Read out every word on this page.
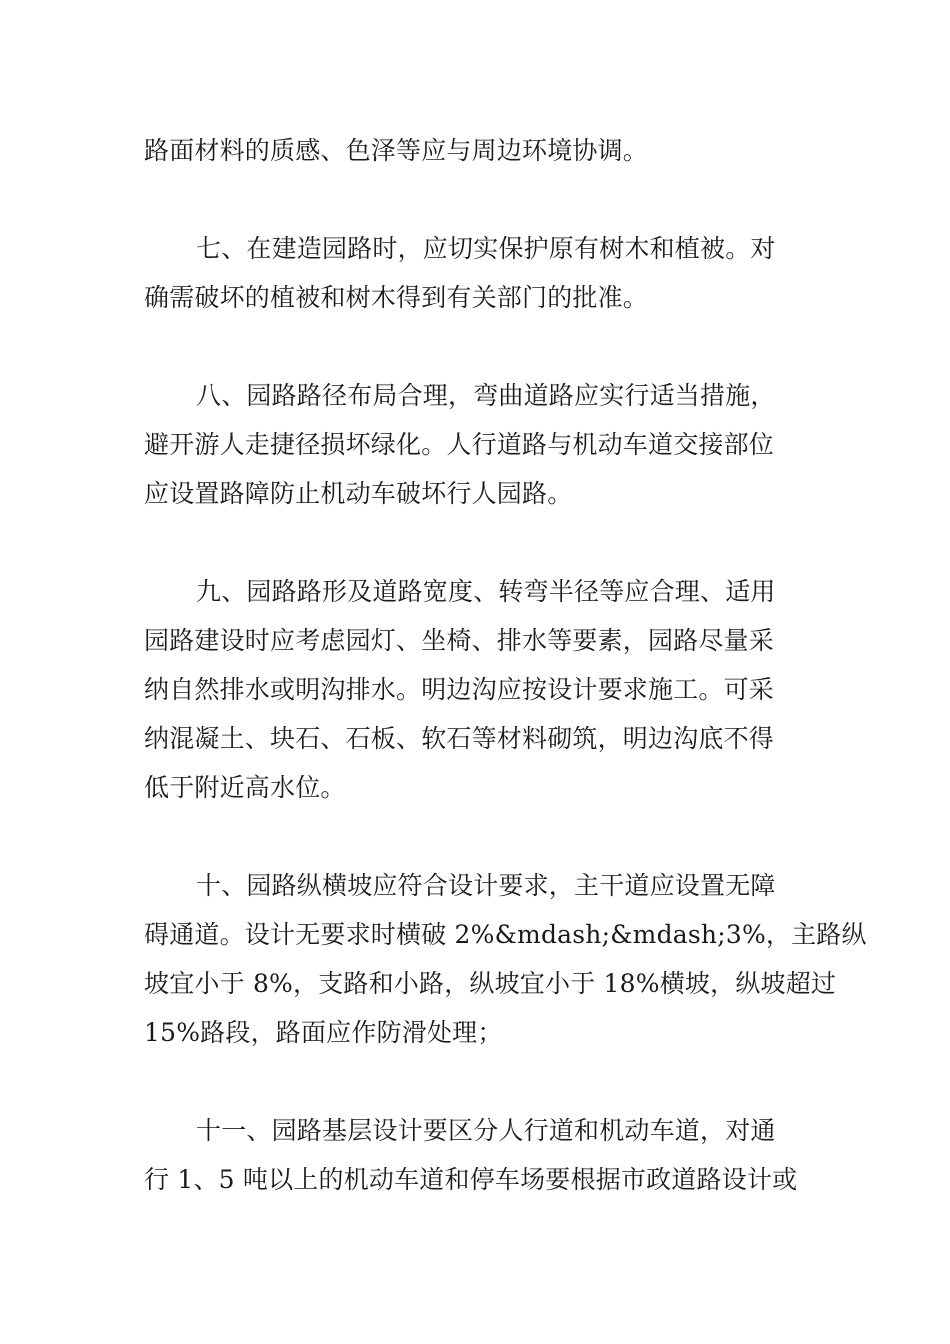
路面材料的质感、色泽等应与周边环境协调。
七、在建造园路时，应切实保护原有树木和植被。对
确需破坏的植被和树木得到有关部门的批准。
八、园路路径布局合理，弯曲道路应实行适当措施，
避开游人走捷径损坏绿化。人行道路与机动车道交接部位
应设置路障防止机动车破坏行人园路。
九、园路路形及道路宽度、转弯半径等应合理、适用
园路建设时应考虑园灯、坐椅、排水等要素，园路尽量采
纳自然排水或明沟排水。明边沟应按设计要求施工。可采
纳混凝土、块石、石板、软石等材料砌筑，明边沟底不得
低于附近高水位。
十、园路纵横坡应符合设计要求，主干道应设置无障
碍通道。设计无要求时横破 2%&mdash;&mdash;3%，主路纵
坡宜小于 8%，支路和小路，纵坡宜小于 18%横坡，纵坡超过
15%路段，路面应作防滑处理；
十一、园路基层设计要区分人行道和机动车道，对通
行 1、5 吨以上的机动车道和停车场要根据市政道路设计或
